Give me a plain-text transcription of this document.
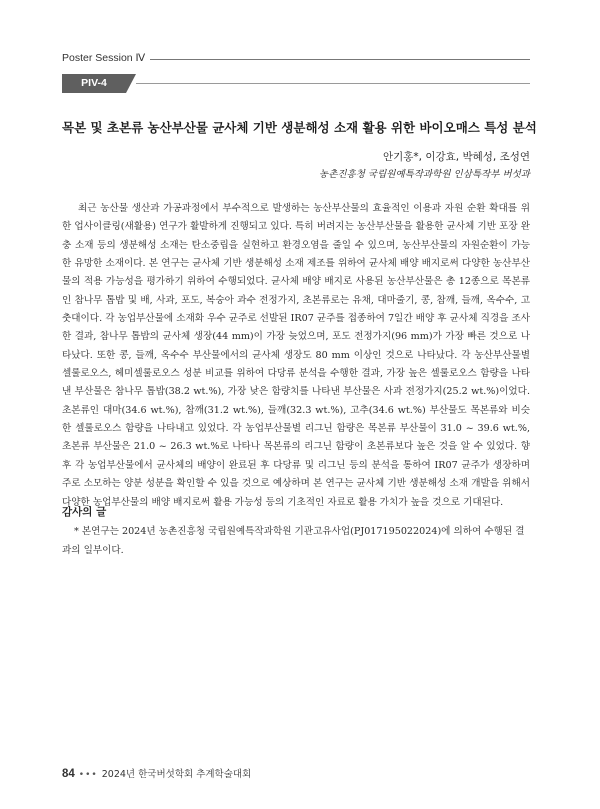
Poster Session Ⅳ
PIV-4
목본 및 초본류 농산부산물 균사체 기반 생분해성 소재 활용 위한 바이오매스 특성 분석
안기홍*, 이강효, 박혜성, 조성연
농촌진흥청 국립원예특작과학원 인삼특작부 버섯과

최근 농산물 생산과 가공과정에서 부수적으로 발생하는 농산부산물의 효율적인 이용과 자원 순환 확대를 위한 업사이클링(새활용) 연구가 활발하게 진행되고 있다. 특히 버려지는 농산부산물을 활용한 균사체 기반 포장 완충 소재 등의 생분해성 소재는 탄소중립을 실현하고 환경오염을 줄일 수 있으며, 농산부산물의 자원순환이 가능한 유망한 소재이다. 본 연구는 균사체 기반 생분해성 소재 제조를 위하여 균사체 배양 배지로써 다양한 농산부산물의 적용 가능성을 평가하기 위하여 수행되었다. 균사체 배양 배지로 사용된 농산부산물은 총 12종으로 목본류인 참나무 톱밥 및 배, 사과, 포도, 복숭아 과수 전정가지, 초본류로는 유채, 대마줄기, 콩, 참깨, 들깨, 옥수수, 고춧대이다. 각 농업부산물에 소재화 우수 균주로 선발된 IR07 균주를 접종하여 7일간 배양 후 균사체 직경을 조사한 결과, 참나무 톱밥의 균사체 생장(44 mm)이 가장 늦었으며, 포도 전정가지(96 mm)가 가장 빠른 것으로 나타났다. 또한 콩, 들깨, 옥수수 부산물에서의 균사체 생장도 80 mm 이상인 것으로 나타났다. 각 농산부산물별 셀룰로오스, 헤미셀룰로오스 성분 비교를 위하여 다당류 분석을 수행한 결과, 가장 높은 셀룰로오스 함량을 나타낸 부산물은 참나무 톱밥(38.2 wt.%), 가장 낮은 함량치를 나타낸 부산물은 사과 전정가지(25.2 wt.%)이었다. 초본류인 대마(34.6 wt.%), 참깨(31.2 wt.%), 들깨(32.3 wt.%), 고추(34.6 wt.%) 부산물도 목본류와 비슷한 셀룰로오스 함량을 나타내고 있었다. 각 농업부산물별 리그닌 함량은 목본류 부산물이 31.0 ~ 39.6 wt.%, 초본류 부산물은 21.0 ~ 26.3 wt.%로 나타나 목본류의 리그닌 함량이 초본류보다 높은 것을 알 수 있었다. 향후 각 농업부산물에서 균사체의 배양이 완료된 후 다당류 및 리그닌 등의 분석을 통하여 IR07 균주가 생장하며 주로 소모하는 양분 성분을 확인할 수 있을 것으로 예상하며 본 연구는 균사체 기반 생분해성 소재 개발을 위해서 다양한 농업부산물의 배양 배지로써 활용 가능성 등의 기초적인 자료로 활용 가치가 높을 것으로 기대된다.

감사의 글

* 본연구는 2024년 농촌진흥청 국립원예특작과학원 기관고유사업(PJ017195022024)에 의하여 수행된 결과의 일부이다.

84 ••• 2024년 한국버섯학회 추계학술대회
